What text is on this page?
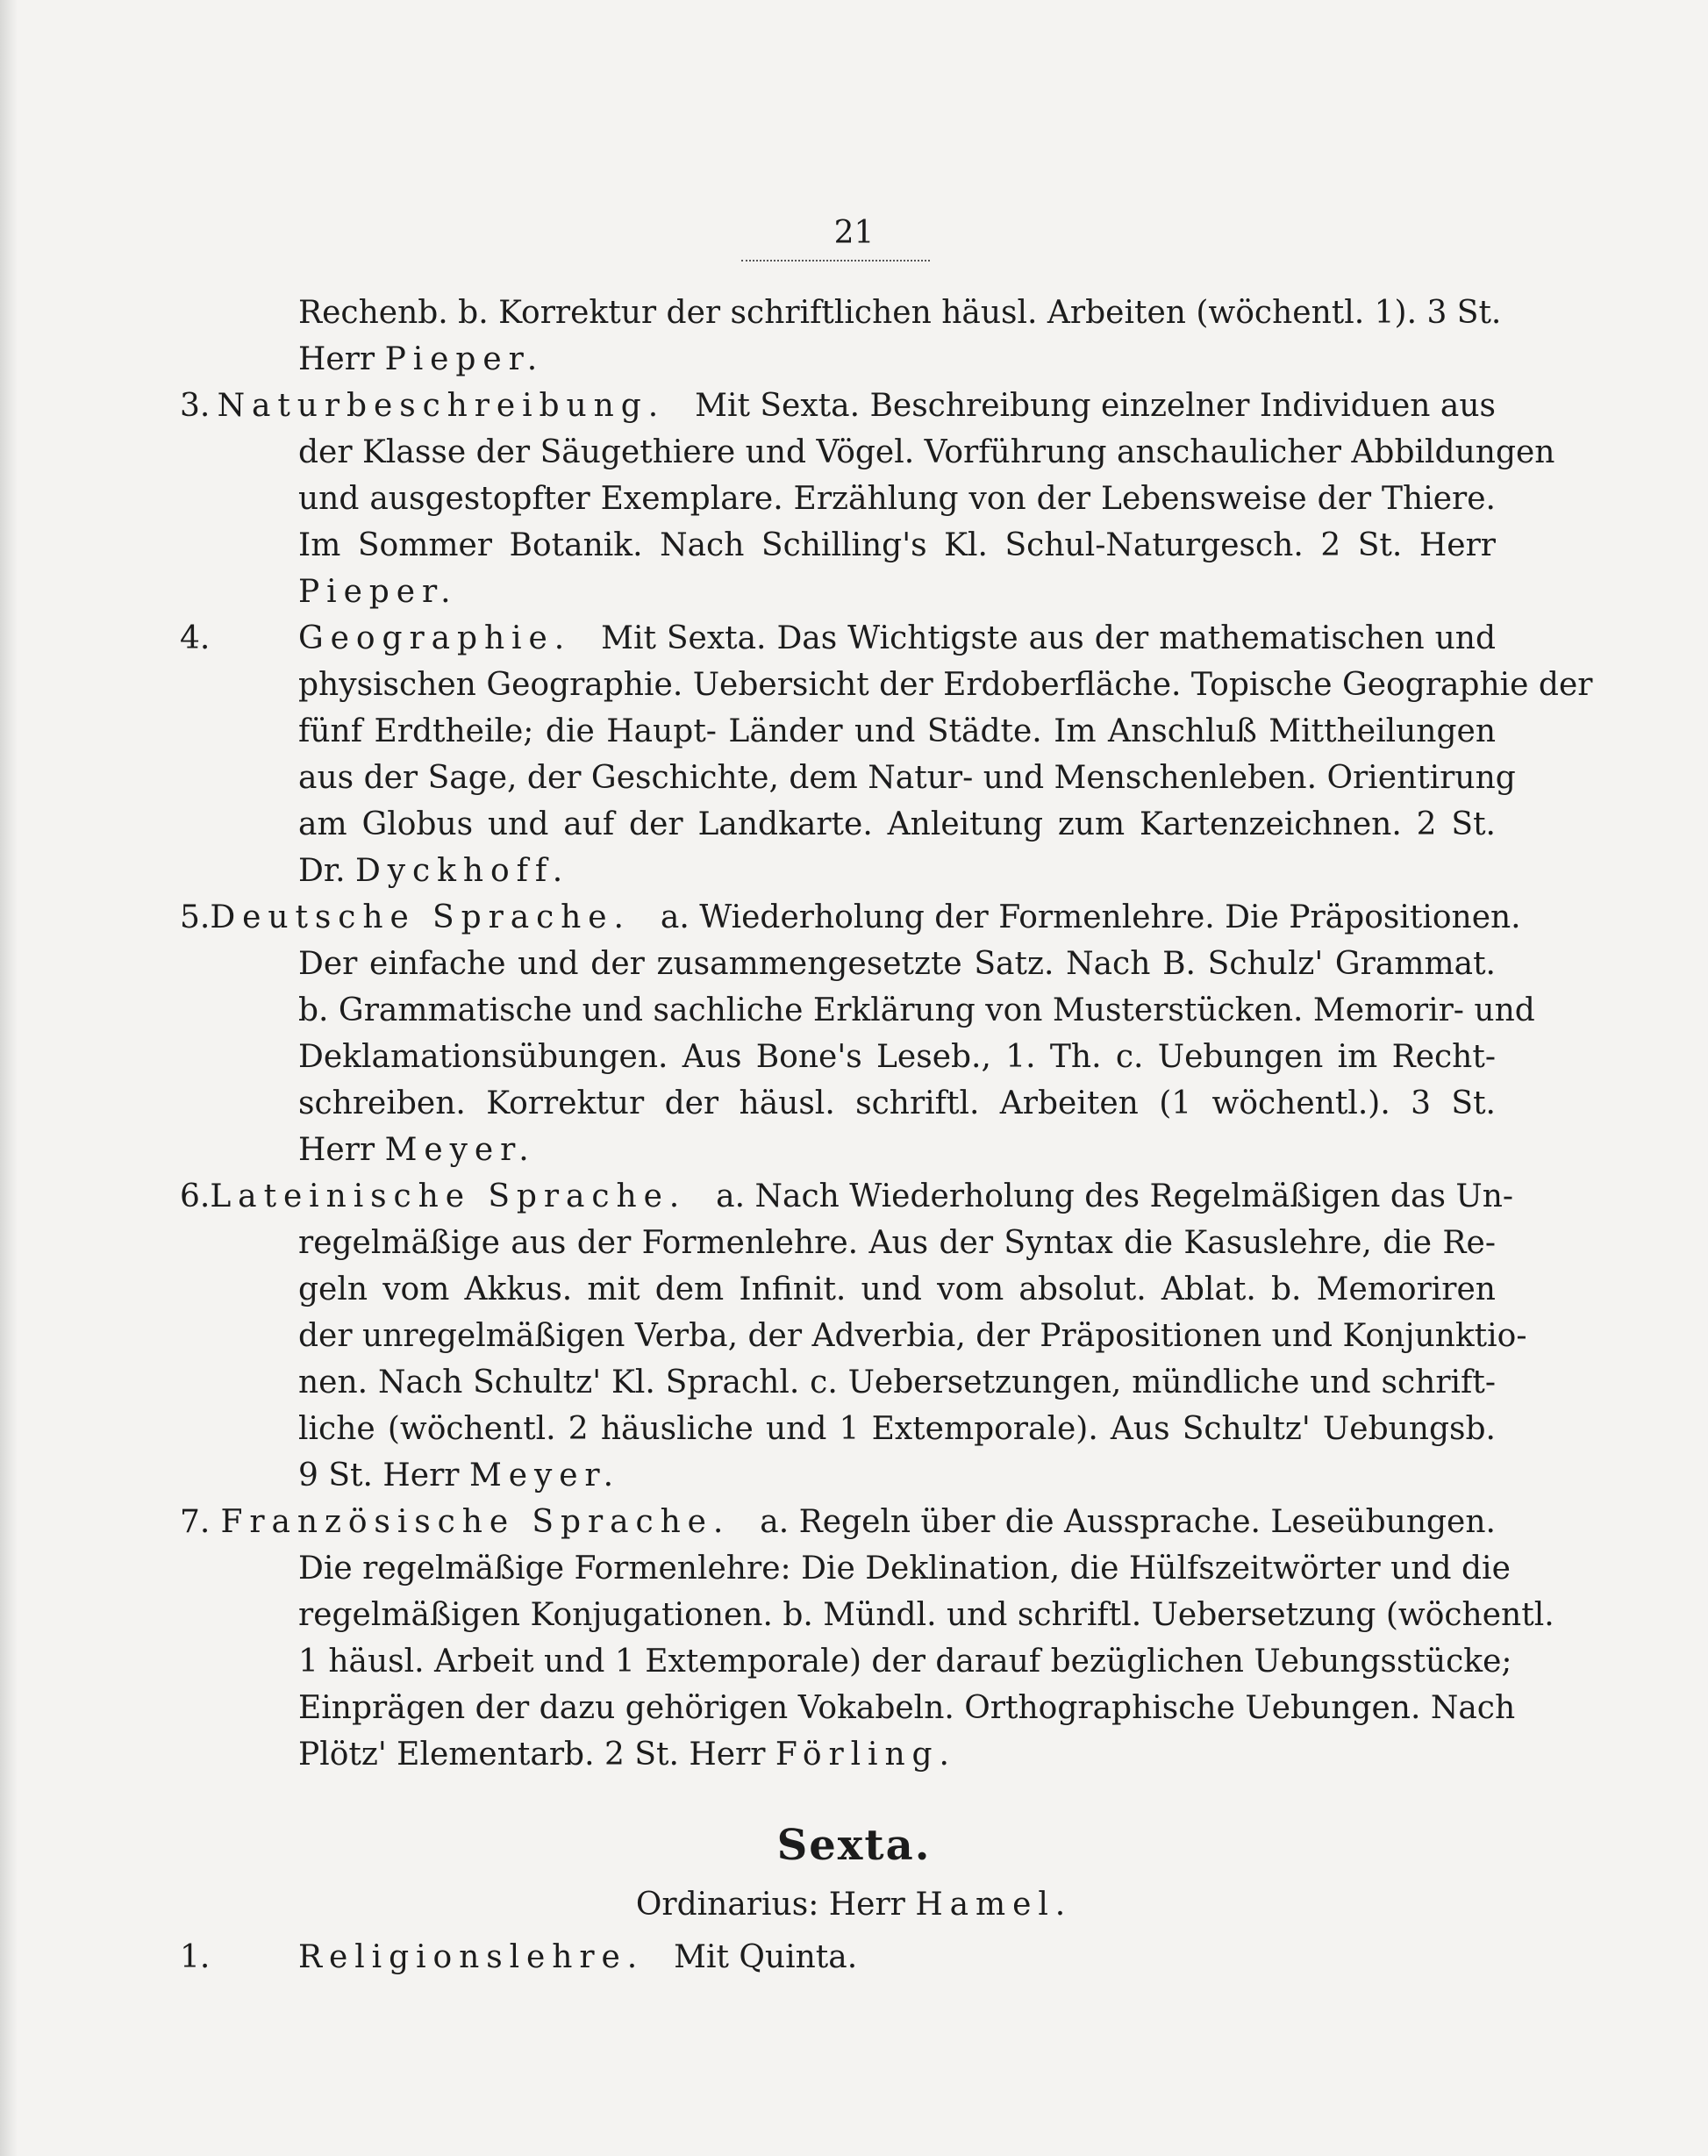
21
Rechenb. b. Korrektur der schriftlichen häusl. Arbeiten (wöchentl. 1). 3 St.
Herr Pieper.
3. Naturbeschreibung. Mit Sexta. Beschreibung einzelner Individuen aus
der Klasse der Säugethiere und Vögel. Vorführung anschaulicher Abbildungen
und ausgestopfter Exemplare. Erzählung von der Lebensweise der Thiere.
Im Sommer Botanik. Nach Schilling's Kl. Schul-Naturgesch. 2 St. Herr
Pieper.
4.	Geographie. Mit Sexta. Das Wichtigste aus der mathematischen und
physischen Geographie. Uebersicht der Erdoberfläche. Topische Geographie der
fünf Erdtheile; die Haupt- Länder und Städte. Im Anschluß Mittheilungen
aus der Sage, der Geschichte, dem Natur- und Menschenleben. Orientirung
am Globus und auf der Landkarte. Anleitung zum Kartenzeichnen. 2 St.
Dr. Dyckhoff.
5. Deutsche Sprache. a. Wiederholung der Formenlehre. Die Präpositionen.
Der einfache und der zusammengesetzte Satz. Nach B. Schulz' Grammat.
b. Grammatische und sachliche Erklärung von Musterstücken. Memorir- und
Deklamationsübungen. Aus Bone's Leseb., 1. Th. c. Uebungen im Recht-
schreiben. Korrektur der häusl. schriftl. Arbeiten (1 wöchentl.). 3 St.
Herr Meyer.
6. Lateinische Sprache. a. Nach Wiederholung des Regelmäßigen das Un-
regelmäßige aus der Formenlehre. Aus der Syntax die Kasuslehre, die Re-
geln vom Akkus. mit dem Infinit. und vom absolut. Ablat. b. Memoriren
der unregelmäßigen Verba, der Adverbia, der Präpositionen und Konjunktio-
nen. Nach Schultz' Kl. Sprachl. c. Uebersetzungen, mündliche und schrift-
liche (wöchentl. 2 häusliche und 1 Extemporale). Aus Schultz' Uebungsb.
9 St. Herr Meyer.
7. Französische Sprache. a. Regeln über die Aussprache. Leseübungen.
Die regelmäßige Formenlehre: Die Deklination, die Hülfszeitwörter und die
regelmäßigen Konjugationen. b. Mündl. und schriftl. Uebersetzung (wöchentl.
1 häusl. Arbeit und 1 Extemporale) der darauf bezüglichen Uebungsstücke;
Einprägen der dazu gehörigen Vokabeln. Orthographische Uebungen. Nach
Plötz' Elementarb. 2 St. Herr Förling.
Sexta.
Ordinarius: Herr Hamel.
1.	Religionslehre. Mit Quinta.
